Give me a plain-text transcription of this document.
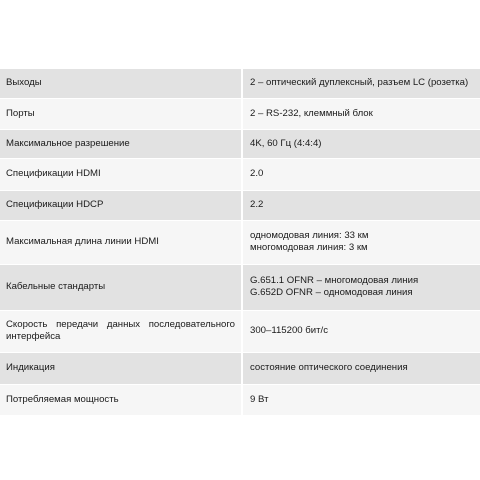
Выходы	2 – оптический дуплексный, разъем LC (розетка)

Порты	2 – RS-232, клеммный блок

Максимальное разрешение	4K, 60 Гц (4:4:4)

Спецификации HDMI	2.0

Спецификации HDCP	2.2

Максимальная длина линии HDMI	одномодовая линия: 33 км
многомодовая линия: 3 км

Кабельные стандарты	G.651.1 OFNR – многомодовая линия
G.652D OFNR – одномодовая линия

Скорость передачи данных последовательного интерфейса	300–115200 бит/с

Индикация	состояние оптического соединения

Потребляемая мощность	9 Вт
